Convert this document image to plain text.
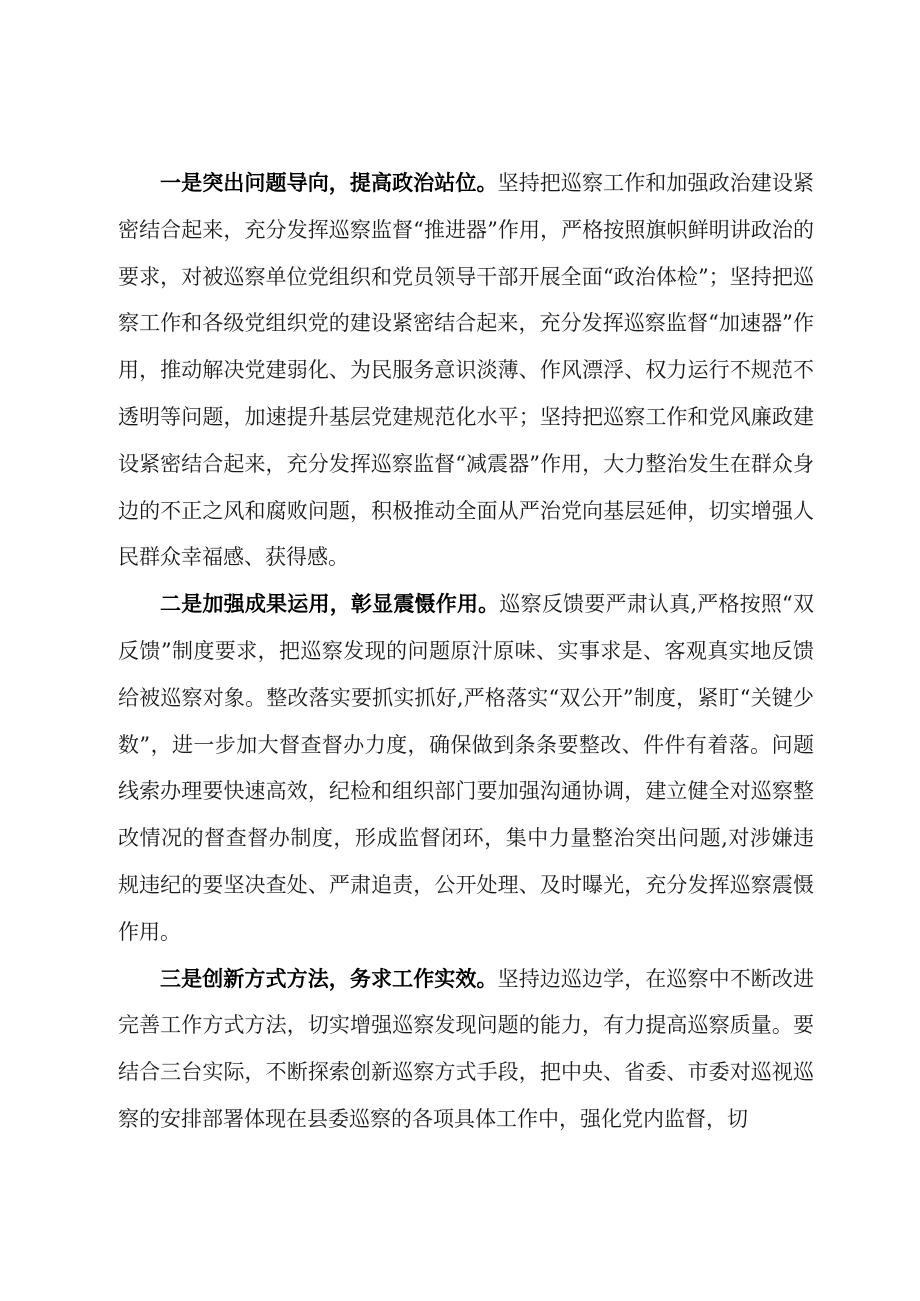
一是突出问题导向，提高政治站位。坚持把巡察工作和加强政治建设紧密结合起来，充分发挥巡察监督“推进器”作用，严格按照旗帜鲜明讲政治的要求，对被巡察单位党组织和党员领导干部开展全面“政治体检”；坚持把巡察工作和各级党组织党的建设紧密结合起来，充分发挥巡察监督“加速器”作用，推动解决党建弱化、为民服务意识淡薄、作风漂浮、权力运行不规范不透明等问题，加速提升基层党建规范化水平；坚持把巡察工作和党风廉政建设紧密结合起来，充分发挥巡察监督“减震器”作用，大力整治发生在群众身边的不正之风和腐败问题，积极推动全面从严治党向基层延伸，切实增强人民群众幸福感、获得感。

二是加强成果运用，彰显震慑作用。巡察反馈要严肃认真,严格按照“双反馈”制度要求，把巡察发现的问题原汁原味、实事求是、客观真实地反馈给被巡察对象。整改落实要抓实抓好,严格落实“双公开”制度，紧盯“关键少数”，进一步加大督查督办力度，确保做到条条要整改、件件有着落。问题线索办理要快速高效，纪检和组织部门要加强沟通协调，建立健全对巡察整改情况的督查督办制度，形成监督闭环，集中力量整治突出问题,对涉嫌违规违纪的要坚决查处、严肃追责，公开处理、及时曝光，充分发挥巡察震慑作用。

三是创新方式方法，务求工作实效。坚持边巡边学，在巡察中不断改进完善工作方式方法，切实增强巡察发现问题的能力，有力提高巡察质量。要结合三台实际，不断探索创新巡察方式手段，把中央、省委、市委对巡视巡察的安排部署体现在县委巡察的各项具体工作中，强化党内监督，切
